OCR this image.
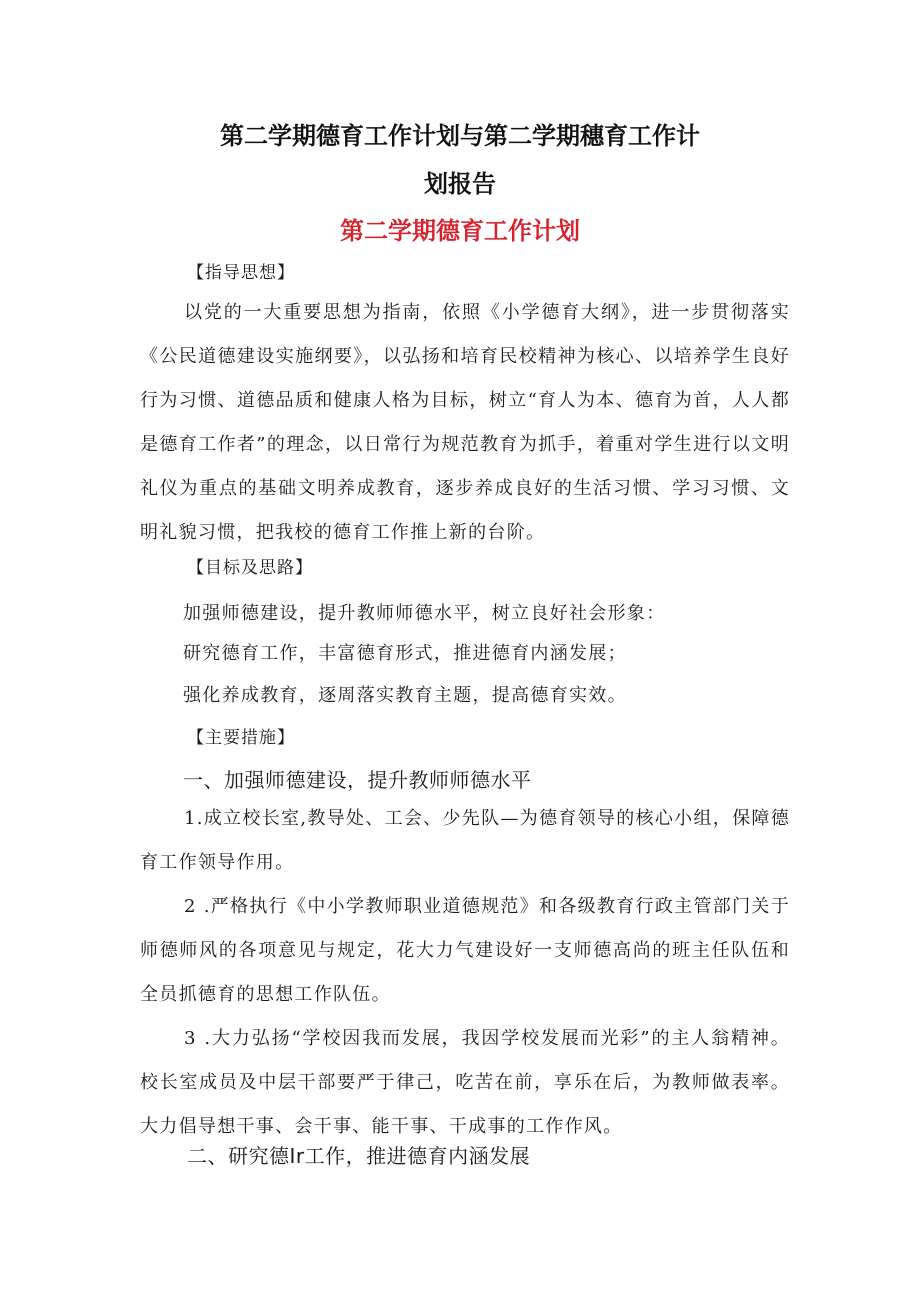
第二学期德育工作计划与第二学期穗育工作计
划报告
第二学期德育工作计划
【指导思想】
以党的一大重要思想为指南，依照《小学德育大纲》，进一步贯彻落实《公民道德建设实施纲要》，以弘扬和培育民校精神为核心、以培养学生良好行为习惯、道德品质和健康人格为目标，树立“育人为本、德育为首，人人都是德育工作者”的理念，以日常行为规范教育为抓手，着重对学生进行以文明礼仪为重点的基础文明养成教育，逐步养成良好的生活习惯、学习习惯、文明礼貌习惯，把我校的德育工作推上新的台阶。
【目标及思路】
加强师德建设，提升教师师德水平，树立良好社会形象：
研究德育工作，丰富德育形式，推进德育内涵发展；
强化养成教育，逐周落实教育主题，提高德育实效。
【主要措施】
一、加强师德建设，提升教师师德水平
1.成立校长室,教导处、工会、少先队—为德育领导的核心小组，保障德育工作领导作用。
2 .严格执行《中小学教师职业道德规范》和各级教育行政主管部门关于师德师风的各项意见与规定，花大力气建设好一支师德高尚的班主任队伍和全员抓德育的思想工作队伍。
3 .大力弘扬“学校因我而发展，我因学校发展而光彩”的主人翁精神。校长室成员及中层干部要严于律己，吃苦在前，享乐在后，为教师做表率。大力倡导想干事、会干事、能干事、干成事的工作作风。
二、研究德Ir工作，推进德育内涵发展
